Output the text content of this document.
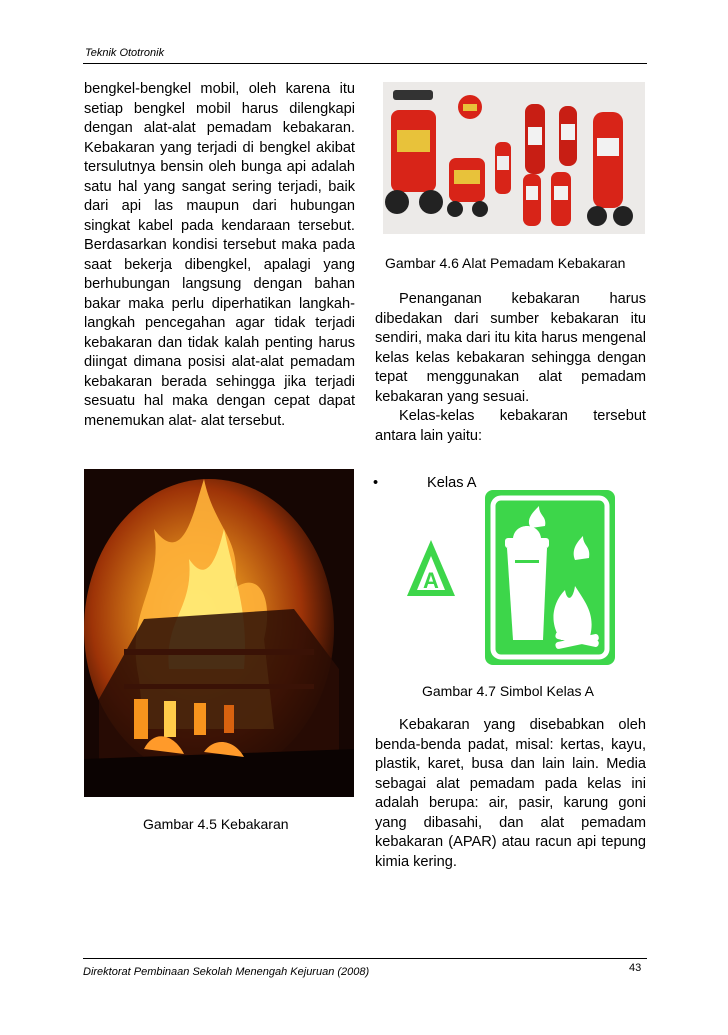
Teknik Ototronik

bengkel-bengkel mobil, oleh karena itu setiap bengkel mobil harus dilengkapi dengan alat-alat pemadam kebakaran. Kebakaran yang terjadi di bengkel akibat tersulutnya bensin oleh bunga api adalah satu hal yang sangat sering terjadi, baik dari api las maupun dari hubungan singkat kabel pada kendaraan tersebut. Berdasarkan kondisi tersebut maka pada saat bekerja dibengkel, apalagi yang berhubungan langsung dengan bahan bakar maka perlu diperhatikan langkah-langkah pencegahan agar tidak terjadi kebakaran dan tidak kalah penting harus diingat dimana posisi alat-alat pemadam kebakaran berada sehingga jika terjadi sesuatu hal maka dengan cepat dapat menemukan alat- alat tersebut.

Gambar 4.6 Alat Pemadam Kebakaran

Penanganan kebakaran harus dibedakan dari sumber kebakaran itu sendiri, maka dari itu kita harus mengenal kelas kelas kebakaran sehingga dengan tepat menggunakan alat pemadam kebakaran yang sesuai.

Kelas-kelas kebakaran tersebut antara lain yaitu:

•	Kelas A
Gambar 4.5 Kebakaran
A
Gambar 4.7 Simbol Kelas A

Kebakaran yang disebabkan oleh benda-benda padat, misal: kertas, kayu, plastik, karet, busa dan lain lain. Media sebagai alat pemadam pada kelas ini adalah berupa: air, pasir, karung goni yang dibasahi, dan alat pemadam kebakaran (APAR) atau racun api tepung kimia kering.

Direktorat Pembinaan Sekolah Menengah Kejuruan (2008)	43
